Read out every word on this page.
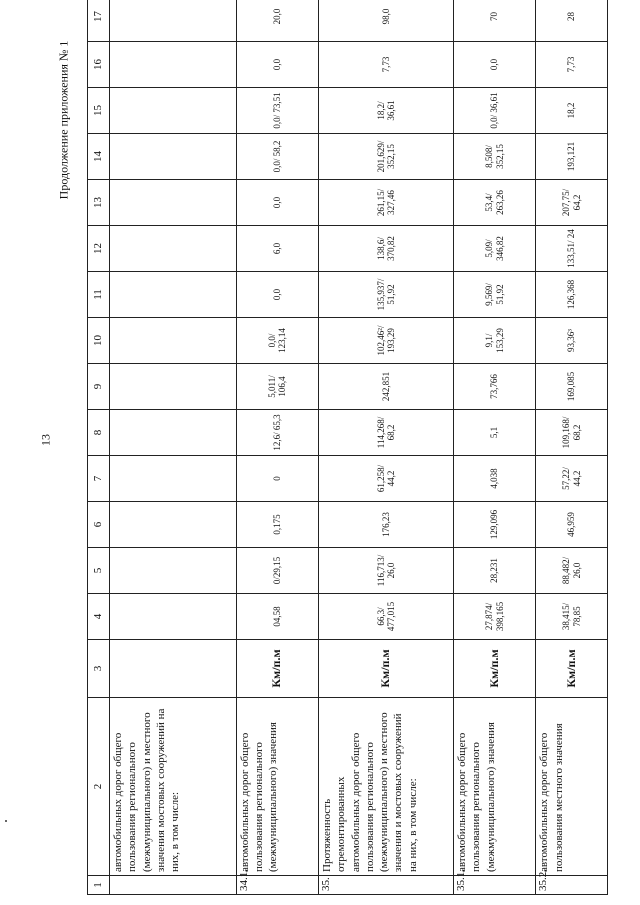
Продолжение приложения № 1
13
1	2	3	4	5	6	7	8	9	10	11	12	13	14	15	16	17
	автомобильных дорог общего пользования регионального (межмуниципального) и местного значения мостовых сооружений на них, в том числе:															
34.1.	автомобильных дорог общего пользования регионального (межмуниципального) значения	Км/п.м	04,58	0/29,15	0,175	0	12,6/ 65,3	5,011/ 106,4	0,0/ 123,14	0,0	6,0	0,0	0,0/ 58,2	0,0/ 73,51	0,0	20,0
35.	Протяженность отремонтированных автомобильных дорог общего пользования регионального (межмуниципального) и местного значения и мостовых сооружений на них, в том числе:	Км/п.м	66,3/ 477,015	116,713/ 26,0	176,23	61,258/ 44,2	114,268/ 68,2	242,851	102,46²/ 193,29	135,937/ 51,92	138,6/ 370,82	261,15/ 327,46	201,629/ 352,15	18,2/ 36,61	7,73	98,0
35.1.	автомобильных дорог общего пользования регионального (межмуниципального) значения	Км/п.м	27,874/ 398,165	28,231	129,096	4,038	5,1	73,766	9,1/ 153,29	9,569/ 51,92	5,09/ 346,82	53,4/ 263,26	8,508/ 352,15	0,0/ 36,61	0,0	70
35.2.	автомобильных дорог общего пользования местного значения	Км/п.м	38,415/ 78,85	88,482/ 26,0	46,959	57,22/ 44,2	109,168/ 68,2	169,085	93,36³	126,368	133,51/ 24	207,75/ 64,2	193,121	18,2	7,73	28
